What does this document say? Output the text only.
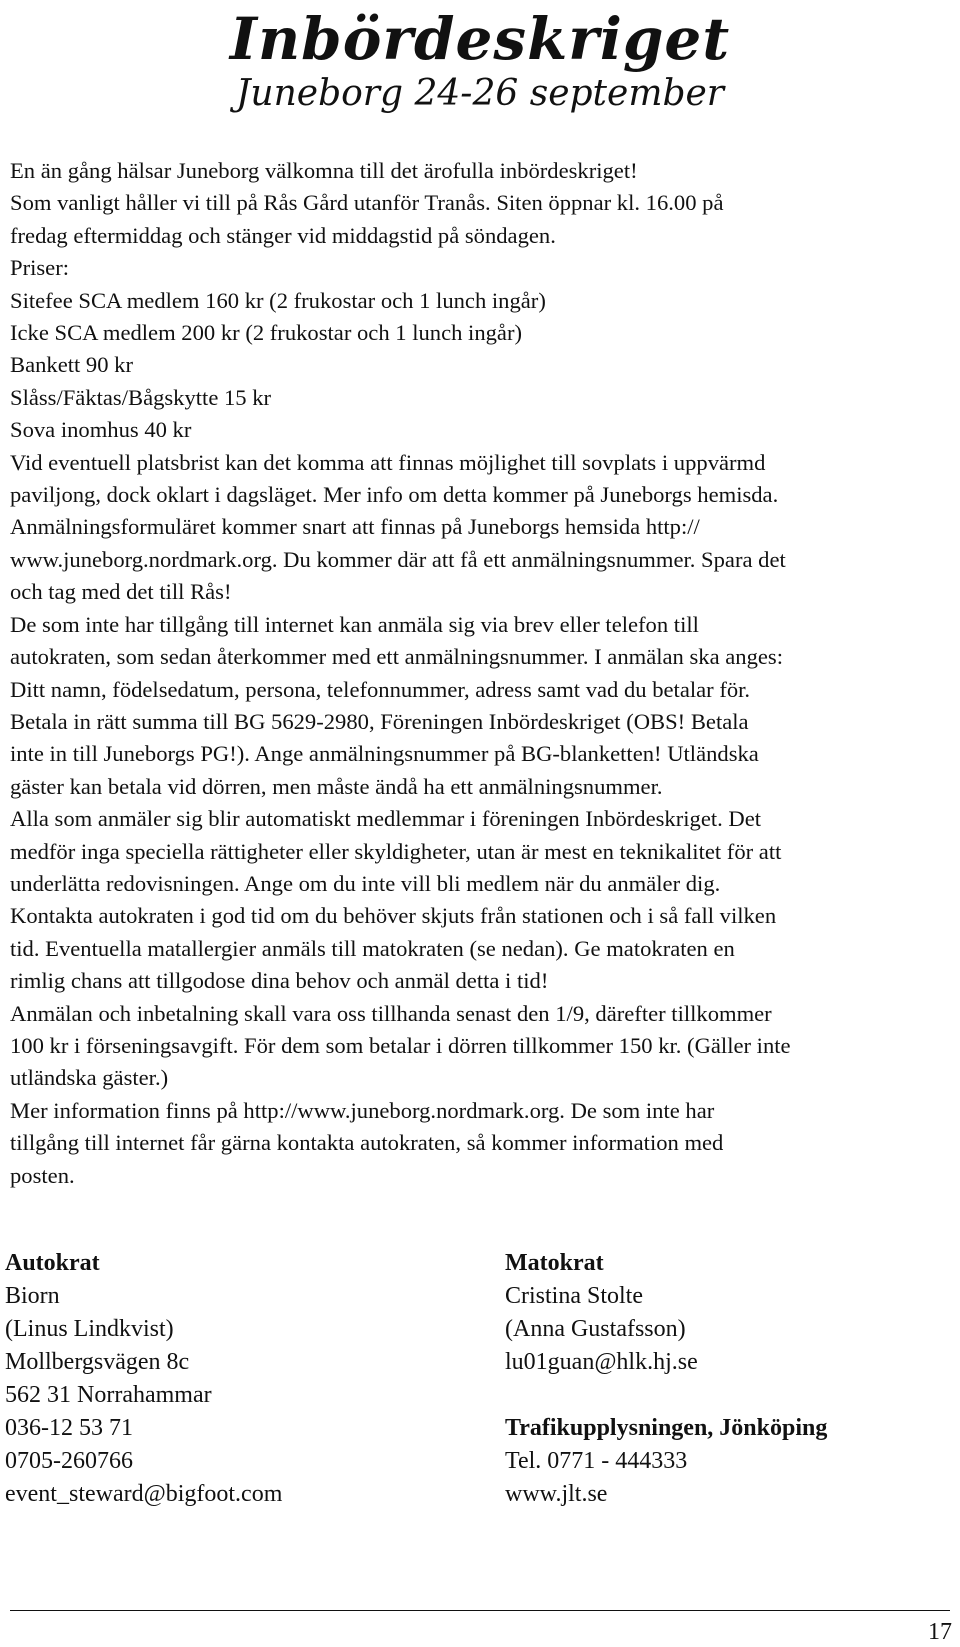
Inbördeskriget
Juneborg 24-26 september
En än gång hälsar Juneborg välkomna till det ärofulla inbördeskriget!
Som vanligt håller vi till på Rås Gård utanför Tranås. Siten öppnar kl. 16.00 på
fredag eftermiddag och stänger vid middagstid på söndagen.
Priser:
Sitefee SCA medlem 160 kr (2 frukostar och 1 lunch ingår)
Icke SCA medlem 200 kr (2 frukostar och 1 lunch ingår)
Bankett 90 kr
Slåss/Fäktas/Bågskytte 15 kr
Sova inomhus 40 kr
Vid eventuell platsbrist kan det komma att finnas möjlighet till sovplats i uppvärmd
paviljong, dock oklart i dagsläget. Mer info om detta kommer på Juneborgs hemisda.
Anmälningsformuläret kommer snart att finnas på Juneborgs hemsida http://
www.juneborg.nordmark.org. Du kommer där att få ett anmälningsnummer. Spara det
och tag med det till Rås!
De som inte har tillgång till internet kan anmäla sig via brev eller telefon till
autokraten, som sedan återkommer med ett anmälningsnummer. I anmälan ska anges:
Ditt namn, födelsedatum, persona, telefonnummer, adress samt vad du betalar för.
Betala in rätt summa till BG 5629-2980, Föreningen Inbördeskriget (OBS! Betala
inte in till Juneborgs PG!). Ange anmälningsnummer på BG-blanketten! Utländska
gäster kan betala vid dörren, men måste ändå ha ett anmälningsnummer.
Alla som anmäler sig blir automatiskt medlemmar i föreningen Inbördeskriget. Det
medför inga speciella rättigheter eller skyldigheter, utan är mest en teknikalitet för att
underlätta redovisningen. Ange om du inte vill bli medlem när du anmäler dig.
Kontakta autokraten i god tid om du behöver skjuts från stationen och i så fall vilken
tid. Eventuella matallergier anmäls till matokraten (se nedan). Ge matokraten en
rimlig chans att tillgodose dina behov och anmäl detta i tid!
Anmälan och inbetalning skall vara oss tillhanda senast den 1/9, därefter tillkommer
100 kr i förseningsavgift. För dem som betalar i dörren tillkommer 150 kr. (Gäller inte
utländska gäster.)
Mer information finns på http://www.juneborg.nordmark.org. De som inte har
tillgång till internet får gärna kontakta autokraten, så kommer information med
posten.
Autokrat
Biorn
(Linus Lindkvist)
Mollbergsvägen 8c
562 31 Norrahammar
036-12 53 71
0705-260766
event_steward@bigfoot.com
Matokrat
Cristina Stolte
(Anna Gustafsson)
lu01guan@hlk.hj.se
Trafikupplysningen, Jönköping
Tel. 0771 - 444333
www.jlt.se
17
